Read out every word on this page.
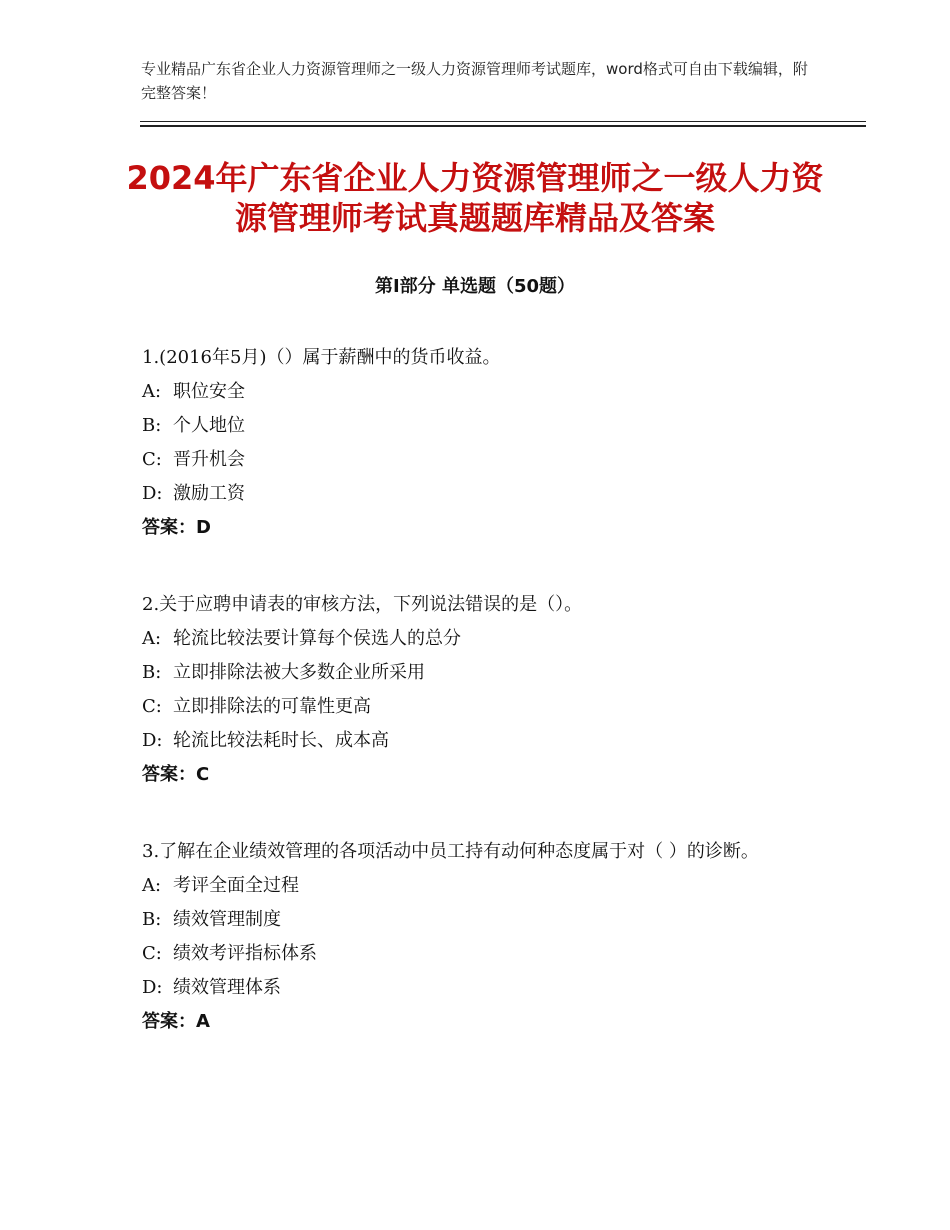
专业精品广东省企业人力资源管理师之一级人力资源管理师考试题库，word格式可自由下载编辑，附完整答案！
2024年广东省企业人力资源管理师之一级人力资源管理师考试真题题库精品及答案
第Ⅰ部分 单选题（50题）
1.(2016年5月)（）属于薪酬中的货币收益。
A: 职位安全
B: 个人地位
C: 晋升机会
D: 激励工资
答案：D
2.关于应聘申请表的审核方法，下列说法错误的是（）。
A: 轮流比较法要计算每个侯选人的总分
B: 立即排除法被大多数企业所采用
C: 立即排除法的可靠性更高
D: 轮流比较法耗时长、成本高
答案：C
3.了解在企业绩效管理的各项活动中员工持有动何种态度属于对（ ）的诊断。
A: 考评全面全过程
B: 绩效管理制度
C: 绩效考评指标体系
D: 绩效管理体系
答案：A
